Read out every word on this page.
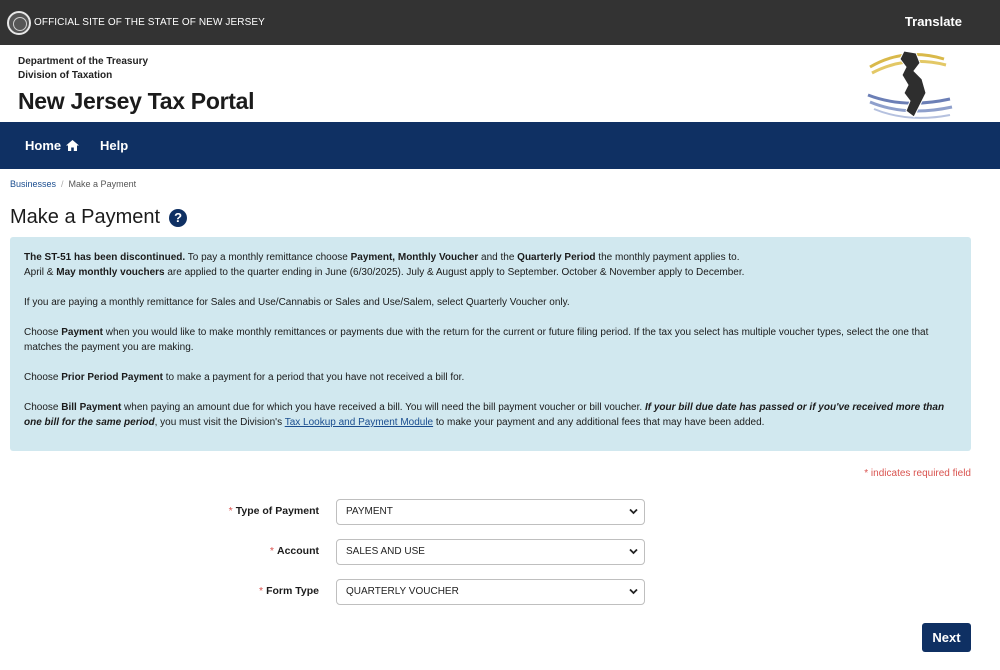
OFFICIAL SITE OF THE STATE OF NEW JERSEY	Translate
Department of the Treasury
Division of Taxation
New Jersey Tax Portal
Home	Help
Businesses / Make a Payment
Make a Payment	?

The ST-51 has been discontinued. To pay a monthly remittance choose Payment, Monthly Voucher and the Quarterly Period the monthly payment applies to.

April & May monthly vouchers are applied to the quarter ending in June (6/30/2025). July & August apply to September. October & November apply to December.

If you are paying a monthly remittance for Sales and Use/Cannabis or Sales and Use/Salem, select Quarterly Voucher only.

Choose Payment when you would like to make monthly remittances or payments due with the return for the current or future filing period. If the tax you select has multiple voucher types, select the one that matches the payment you are making.

Choose Prior Period Payment to make a payment for a period that you have not received a bill for.

Choose Bill Payment when paying an amount due for which you have received a bill. You will need the bill payment voucher or bill voucher. If your bill due date has passed or if you've received more than one bill for the same period, you must visit the Division's Tax Lookup and Payment Module to make your payment and any additional fees that may have been added.

* indicates required field
* Type of Payment	PAYMENT
* Account	SALES AND USE
* Form Type	QUARTERLY VOUCHER
Next
